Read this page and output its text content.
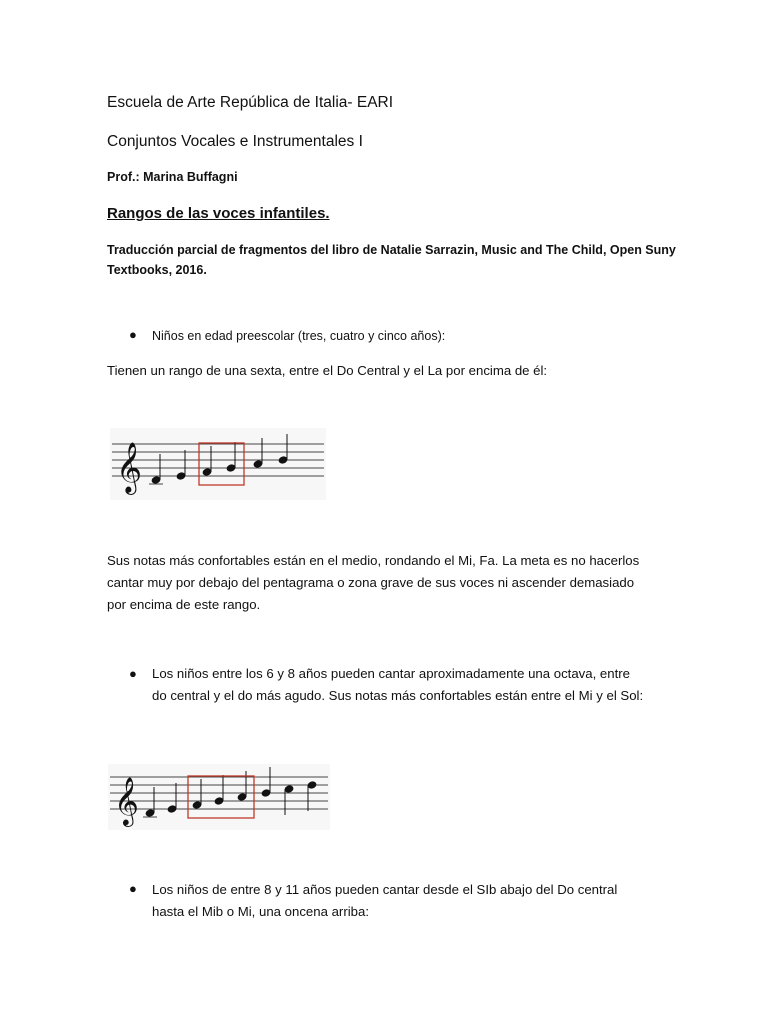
Escuela de Arte República de Italia- EARI

Conjuntos Vocales e Instrumentales I

Prof.: Marina Buffagni

Rangos de las voces infantiles.

Traducción parcial de fragmentos del libro de Natalie Sarrazin, Music and The Child, Open Suny

Textbooks, 2016.

● Niños en edad preescolar (tres, cuatro y cinco años):

Tienen un rango de una sexta, entre el Do Central y el La por encima de él:

𝄞

Sus notas más confortables están en el medio, rondando el Mi, Fa. La meta es no hacerlos

cantar muy por debajo del pentagrama o zona grave de sus voces ni ascender demasiado

por encima de este rango.

● Los niños entre los 6 y 8 años pueden cantar aproximadamente una octava, entre

do central y el do más agudo. Sus notas más confortables están entre el Mi y el Sol:

𝄞
● Los niños de entre 8 y 11 años pueden cantar desde el SIb abajo del Do central

hasta el Mib o Mi, una oncena arriba:
